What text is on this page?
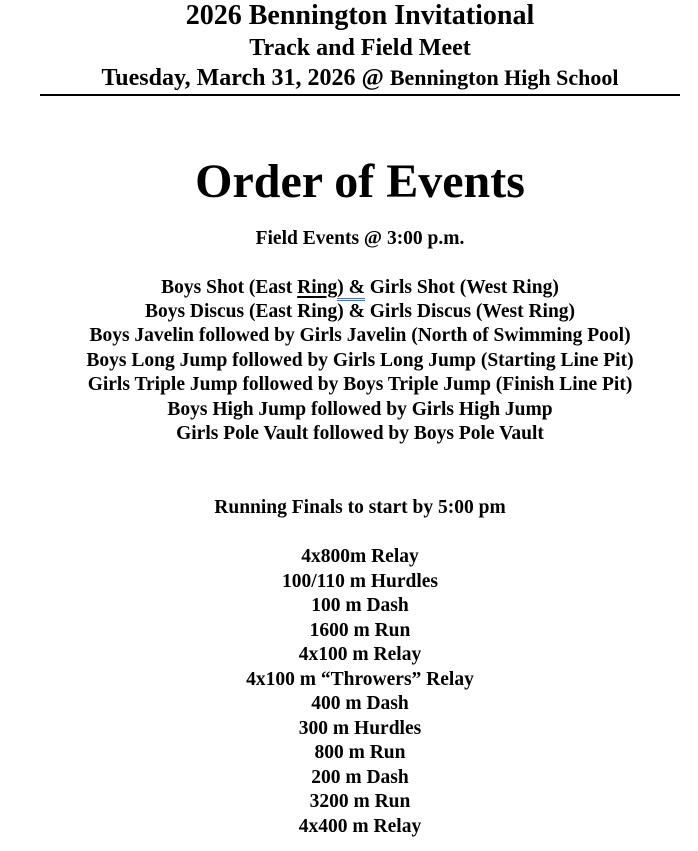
2026 Bennington Invitational
Track and Field Meet
Tuesday, March 31, 2026 @ Bennington High School
Order of Events
Field Events @ 3:00 p.m.
Boys Shot (East Ring) & Girls Shot (West Ring)
Boys Discus (East Ring) & Girls Discus (West Ring)
Boys Javelin followed by Girls Javelin (North of Swimming Pool)
Boys Long Jump followed by Girls Long Jump (Starting Line Pit)
Girls Triple Jump followed by Boys Triple Jump (Finish Line Pit)
Boys High Jump followed by Girls High Jump
Girls Pole Vault followed by Boys Pole Vault
Running Finals to start by 5:00 pm
4x800m Relay
100/110 m Hurdles
100 m Dash
1600 m Run
4x100 m Relay
4x100 m “Throwers” Relay
400 m Dash
300 m Hurdles
800 m Run
200 m Dash
3200 m Run
4x400 m Relay
